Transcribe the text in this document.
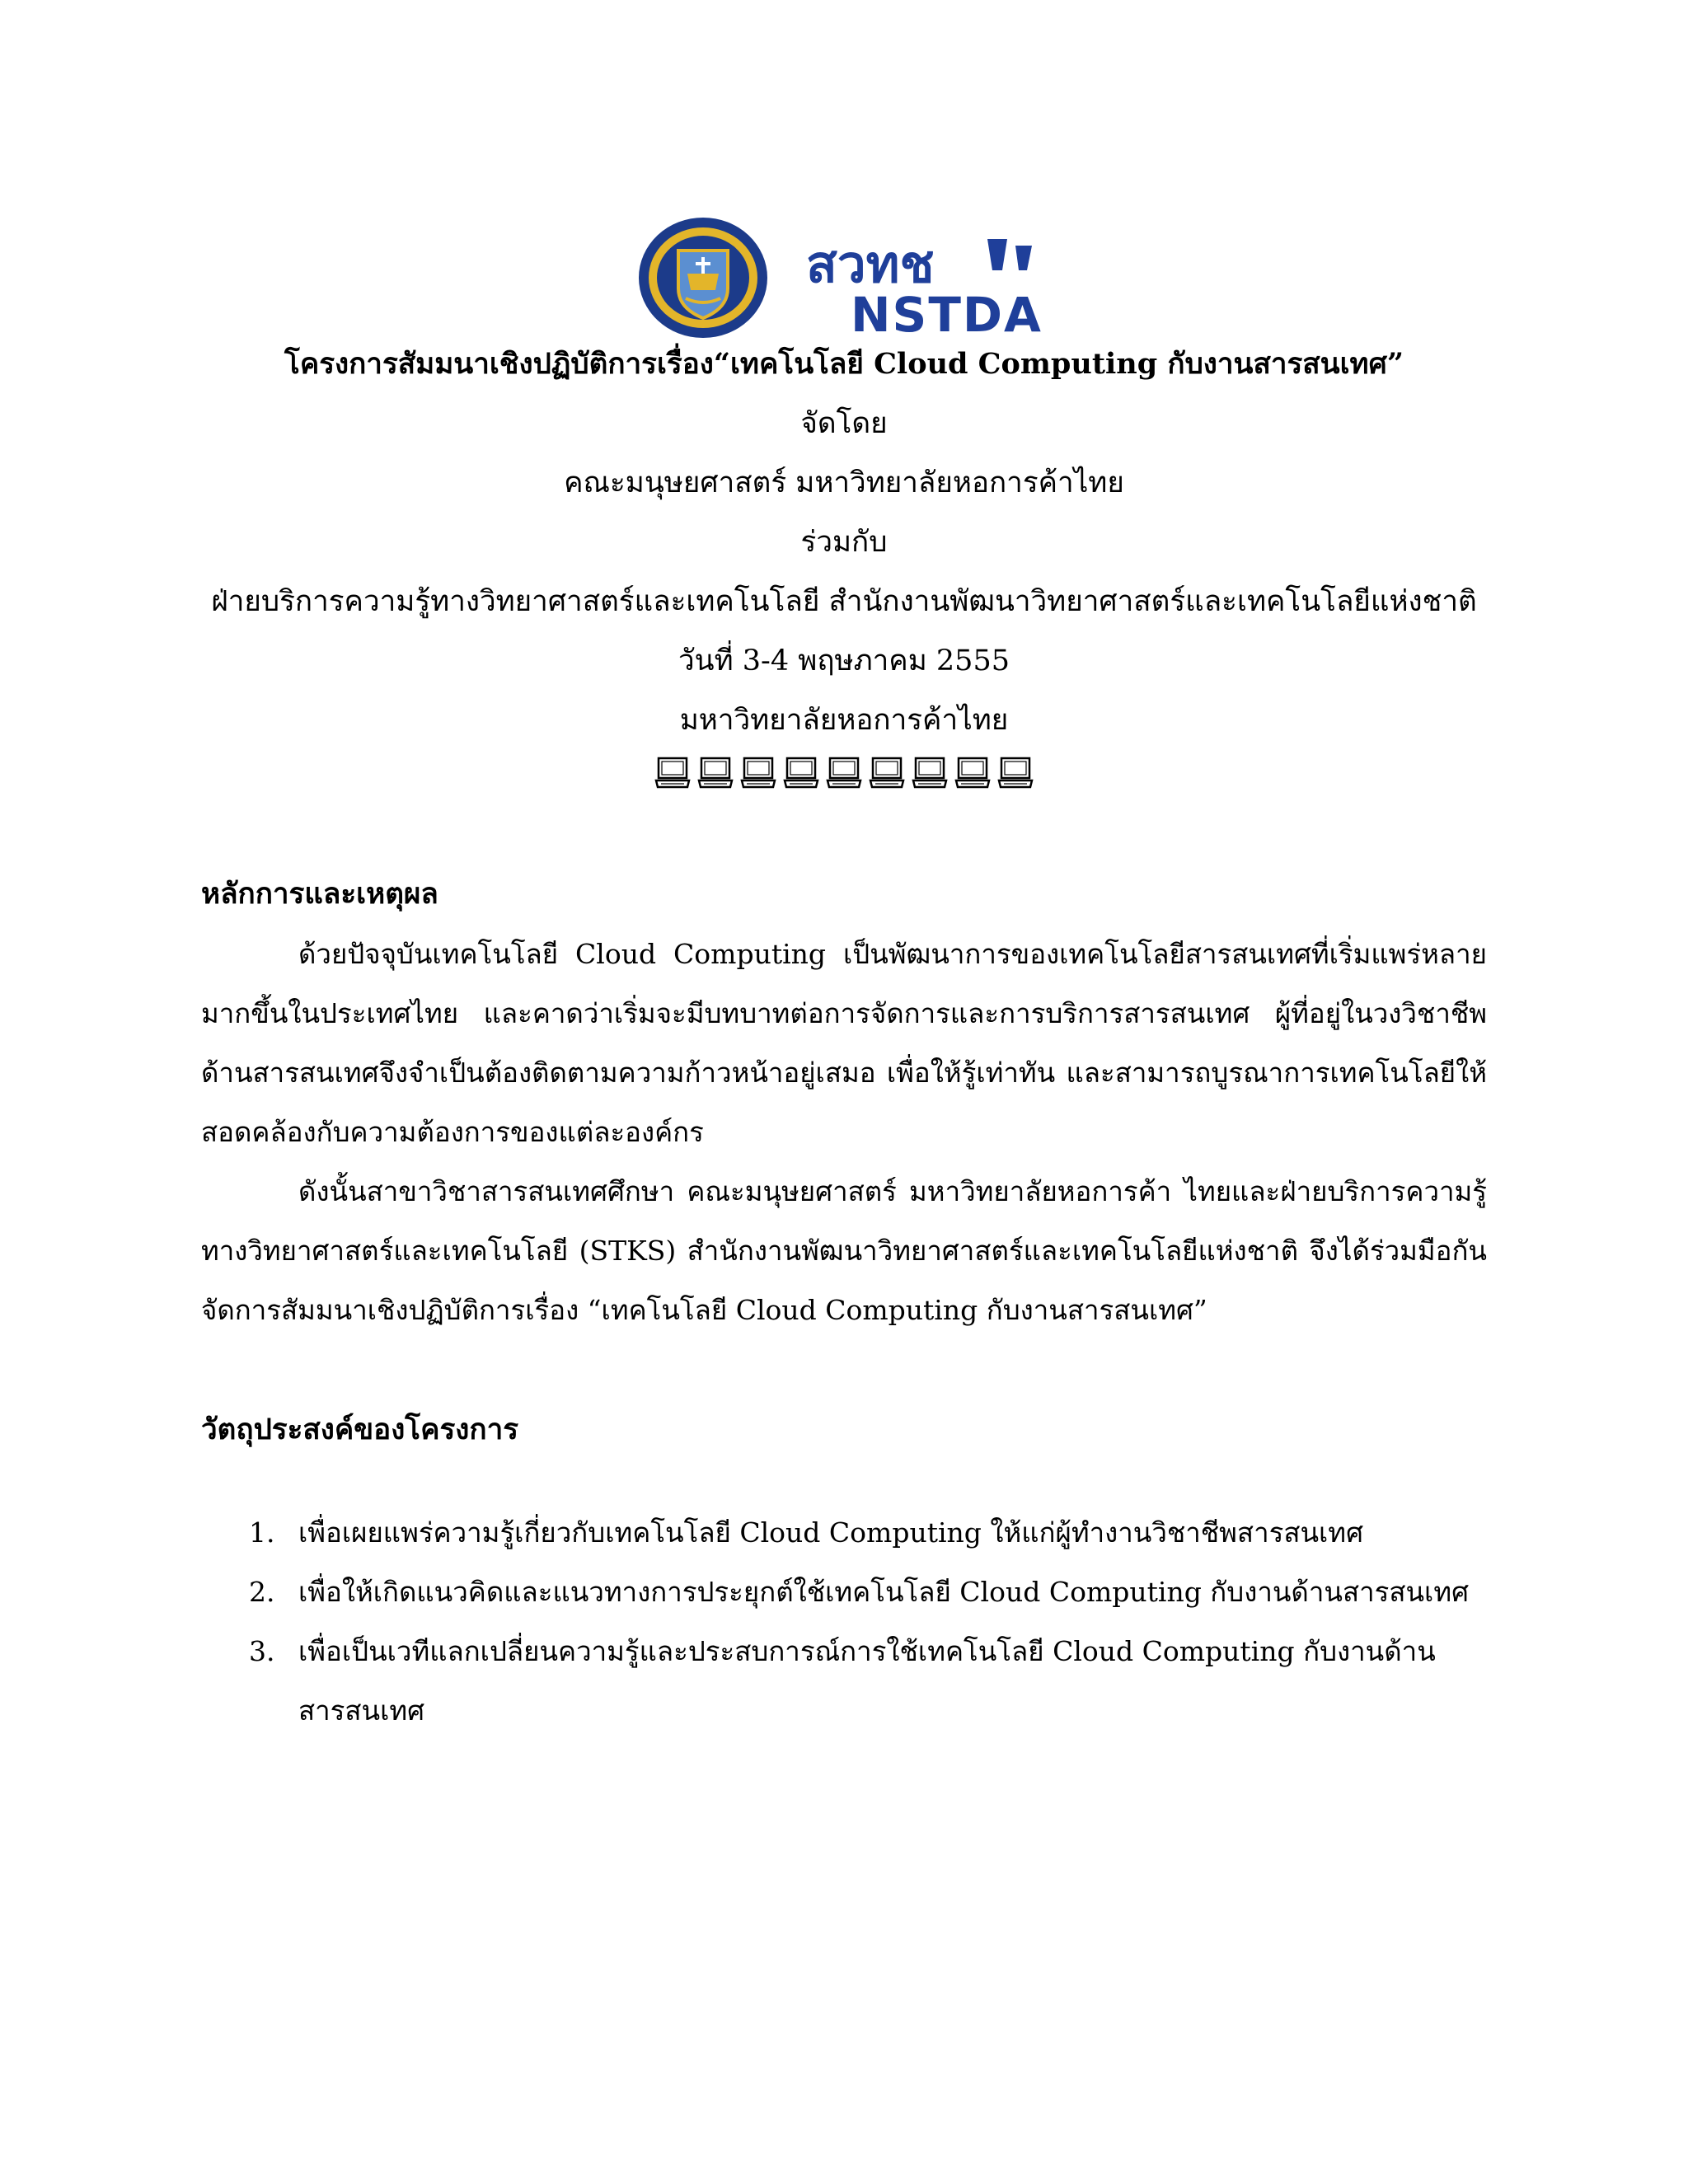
สวทช
NSTDA
โครงการสัมมนาเชิงปฏิบัติการเรื่อง“เทคโนโลยี Cloud Computing กับงานสารสนเทศ”
จัดโดย
คณะมนุษยศาสตร์ มหาวิทยาลัยหอการค้าไทย
ร่วมกับ
ฝ่ายบริการความรู้ทางวิทยาศาสตร์และเทคโนโลยี สำนักงานพัฒนาวิทยาศาสตร์และเทคโนโลยีแห่งชาติ
วันที่ 3-4 พฤษภาคม 2555
มหาวิทยาลัยหอการค้าไทย
หลักการและเหตุผล

ด้วยปัจจุบันเทคโนโลยี Cloud Computing เป็นพัฒนาการของเทคโนโลยีสารสนเทศที่เริ่มแพร่หลายมากขึ้นในประเทศไทย และคาดว่าเริ่มจะมีบทบาทต่อการจัดการและการบริการสารสนเทศ ผู้ที่อยู่ในวงวิชาชีพด้านสารสนเทศจึงจำเป็นต้องติดตามความก้าวหน้าอยู่เสมอ เพื่อให้รู้เท่าทัน และสามารถบูรณาการเทคโนโลยีให้สอดคล้องกับความต้องการของแต่ละองค์กร

ดังนั้นสาขาวิชาสารสนเทศศึกษา คณะมนุษยศาสตร์ มหาวิทยาลัยหอการค้า ไทยและฝ่ายบริการความรู้ทางวิทยาศาสตร์และเทคโนโลยี (STKS) สำนักงานพัฒนาวิทยาศาสตร์และเทคโนโลยีแห่งชาติ จึงได้ร่วมมือกันจัดการสัมมนาเชิงปฏิบัติการเรื่อง “เทคโนโลยี Cloud Computing กับงานสารสนเทศ”

วัตถุประสงค์ของโครงการ
1. เพื่อเผยแพร่ความรู้เกี่ยวกับเทคโนโลยี Cloud Computing ให้แก่ผู้ทำงานวิชาชีพสารสนเทศ
2. เพื่อให้เกิดแนวคิดและแนวทางการประยุกต์ใช้เทคโนโลยี Cloud Computing กับงานด้านสารสนเทศ
3. เพื่อเป็นเวทีแลกเปลี่ยนความรู้และประสบการณ์การใช้เทคโนโลยี Cloud Computing กับงานด้านสารสนเทศ
